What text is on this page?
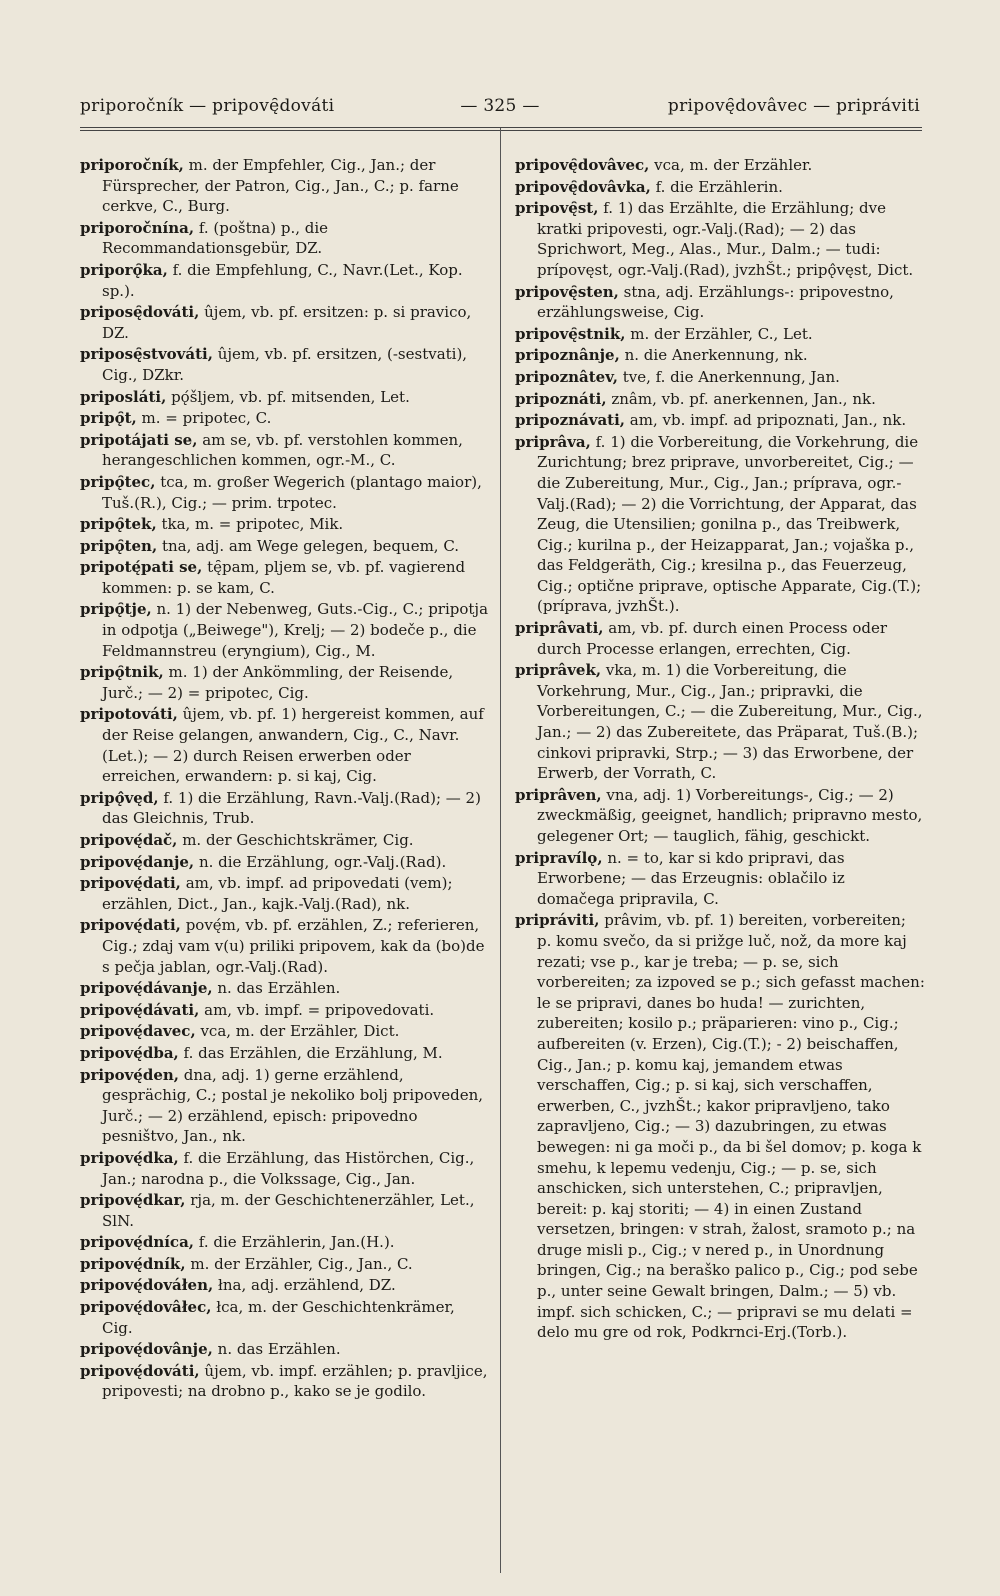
priporočník — pripovę̑dováti	— 325 —	pripovę̑dovâvec — pripráviti

priporočník, m. der Empfehler, Cig., Jan.; der Fürsprecher, der Patron, Cig., Jan., C.; p. farne cerkve, C., Burg.

priporočnína, f. (poštna) p., die Recommandationsgebür, DZ.

priporǫ̑ka, f. die Empfehlung, C., Navr.(Let., Kop. sp.).

priposę̑dováti, ûjem, vb. pf. ersitzen: p. si pravico, DZ.

priposę̑stvováti, ûjem, vb. pf. ersitzen, (-sestvati), Cig., DZkr.

priposláti, pǫ́šljem, vb. pf. mitsenden, Let.

pripǫ̑t, m. = pripotec, C.

pripotájati se, am se, vb. pf. verstohlen kommen, herangeschlichen kommen, ogr.-M., C.

pripǫ̑tec, tca, m. großer Wegerich (plantago maior), Tuš.(R.), Cig.; — prim. trpotec.

pripǫ̑tek, tka, m. = pripotec, Mik.

pripǫ̑ten, tna, adj. am Wege gelegen, bequem, C.

pripotę́pati se, tę̑pam, pljem se, vb. pf. vagierend kommen: p. se kam, C.

pripǫ̑tje, n. 1) der Nebenweg, Guts.-Cig., C.; pripotja in odpotja („Beiwege"), Krelj; — 2) bodeče p., die Feldmannstreu (eryngium), Cig., M.

pripǫ̑tnik, m. 1) der Ankömmling, der Reisende, Jurč.; — 2) = pripotec, Cig.

pripotováti, ûjem, vb. pf. 1) hergereist kommen, auf der Reise gelangen, anwandern, Cig., C., Navr.(Let.); — 2) durch Reisen erwerben oder erreichen, erwandern: p. si kaj, Cig.

pripǫ̂vęd, f. 1) die Erzählung, Ravn.-Valj.(Rad); — 2) das Gleichnis, Trub.

pripovę́dač, m. der Geschichtskrämer, Cig.

pripovę́danje, n. die Erzählung, ogr.-Valj.(Rad).

pripovę́dati, am, vb. impf. ad pripovedati (vem); erzählen, Dict., Jan., kajk.-Valj.(Rad), nk.

pripovę́dati, povę́m, vb. pf. erzählen, Z.; referieren, Cig.; zdaj vam v(u) priliki pripovem, kak da (bo)de s pečja jablan, ogr.-Valj.(Rad).

pripovę́dávanje, n. das Erzählen.

pripovę́dávati, am, vb. impf. = pripovedovati.

pripovę́davec, vca, m. der Erzähler, Dict.

pripovę́dba, f. das Erzählen, die Erzählung, M.

pripovę́den, dna, adj. 1) gerne erzählend, gesprächig, C.; postal je nekoliko bolj pripoveden, Jurč.; — 2) erzählend, episch: pripovedno pesništvo, Jan., nk.

pripovę́dka, f. die Erzählung, das Histörchen, Cig., Jan.; narodna p., die Volkssage, Cig., Jan.

pripovę́dkar, rja, m. der Geschichtenerzähler, Let., SlN.

pripovę́dníca, f. die Erzählerin, Jan.(H.).

pripovę́dník, m. der Erzähler, Cig., Jan., C.

pripovę́dováłen, łna, adj. erzählend, DZ.

pripovę́dovâłec, łca, m. der Geschichtenkrämer, Cig.

pripovę́dovânje, n. das Erzählen.

pripovę́dováti, ûjem, vb. impf. erzählen; p. pravljice, pripovesti; na drobno p., kako se je godilo.

pripovę̑dovâvec, vca, m. der Erzähler.

pripovę̑dovâvka, f. die Erzählerin.

pripovę̑st, f. 1) das Erzählte, die Erzählung; dve kratki pripovesti, ogr.-Valj.(Rad); — 2) das Sprichwort, Meg., Alas., Mur., Dalm.; — tudi: prípovęst, ogr.-Valj.(Rad), jvzhŠt.; pripǫ̂vęst, Dict.

pripovę̑sten, stna, adj. Erzählungs-: pripovestno, erzählungsweise, Cig.

pripovę̑stnik, m. der Erzähler, C., Let.

pripoznânje, n. die Anerkennung, nk.

pripoznâtev, tve, f. die Anerkennung, Jan.

pripoznáti, znâm, vb. pf. anerkennen, Jan., nk.

pripoznávati, am, vb. impf. ad pripoznati, Jan., nk.

priprâva, f. 1) die Vorbereitung, die Vorkehrung, die Zurichtung; brez priprave, unvorbereitet, Cig.; — die Zubereitung, Mur., Cig., Jan.; príprava, ogr.-Valj.(Rad); — 2) die Vorrichtung, der Apparat, das Zeug, die Utensilien; gonilna p., das Treibwerk, Cig.; kurilna p., der Heizapparat, Jan.; vojaška p., das Feldgeräth, Cig.; kresilna p., das Feuerzeug, Cig.; optične priprave, optische Apparate, Cig.(T.); (príprava, jvzhŠt.).

priprâvati, am, vb. pf. durch einen Process oder durch Processe erlangen, errechten, Cig.

priprâvek, vka, m. 1) die Vorbereitung, die Vorkehrung, Mur., Cig., Jan.; pripravki, die Vorbereitungen, C.; — die Zubereitung, Mur., Cig., Jan.; — 2) das Zubereitete, das Präparat, Tuš.(B.); cinkovi pripravki, Strp.; — 3) das Erworbene, der Erwerb, der Vorrath, C.

priprâven, vna, adj. 1) Vorbereitungs-, Cig.; — 2) zweckmäßig, geeignet, handlich; pripravno mesto, gelegener Ort; — tauglich, fähig, geschickt.

pripravílǫ, n. = to, kar si kdo pripravi, das Erworbene; — das Erzeugnis: oblačilo iz domačega pripravila, C.

pripráviti, prâvim, vb. pf. 1) bereiten, vorbereiten; p. komu svečo, da si prižge luč, nož, da more kaj rezati; vse p., kar je treba; — p. se, sich vorbereiten; za izpoved se p.; sich gefasst machen: le se pripravi, danes bo huda! — zurichten, zubereiten; kosilo p.; präparieren: vino p., Cig.; aufbereiten (v. Erzen), Cig.(T.); - 2) beischaffen, Cig., Jan.; p. komu kaj, jemandem etwas verschaffen, Cig.; p. si kaj, sich verschaffen, erwerben, C., jvzhŠt.; kakor pripravljeno, tako zapravljeno, Cig.; — 3) dazubringen, zu etwas bewegen: ni ga moči p., da bi šel domov; p. koga k smehu, k lepemu vedenju, Cig.; — p. se, sich anschicken, sich unterstehen, C.; pripravljen, bereit: p. kaj storiti; — 4) in einen Zustand versetzen, bringen: v strah, žalost, sramoto p.; na druge misli p., Cig.; v nered p., in Unordnung bringen, Cig.; na beraško palico p., Cig.; pod sebe p., unter seine Gewalt bringen, Dalm.; — 5) vb. impf. sich schicken, C.; — pripravi se mu delati = delo mu gre od rok, Podkrnci-Erj.(Torb.).
